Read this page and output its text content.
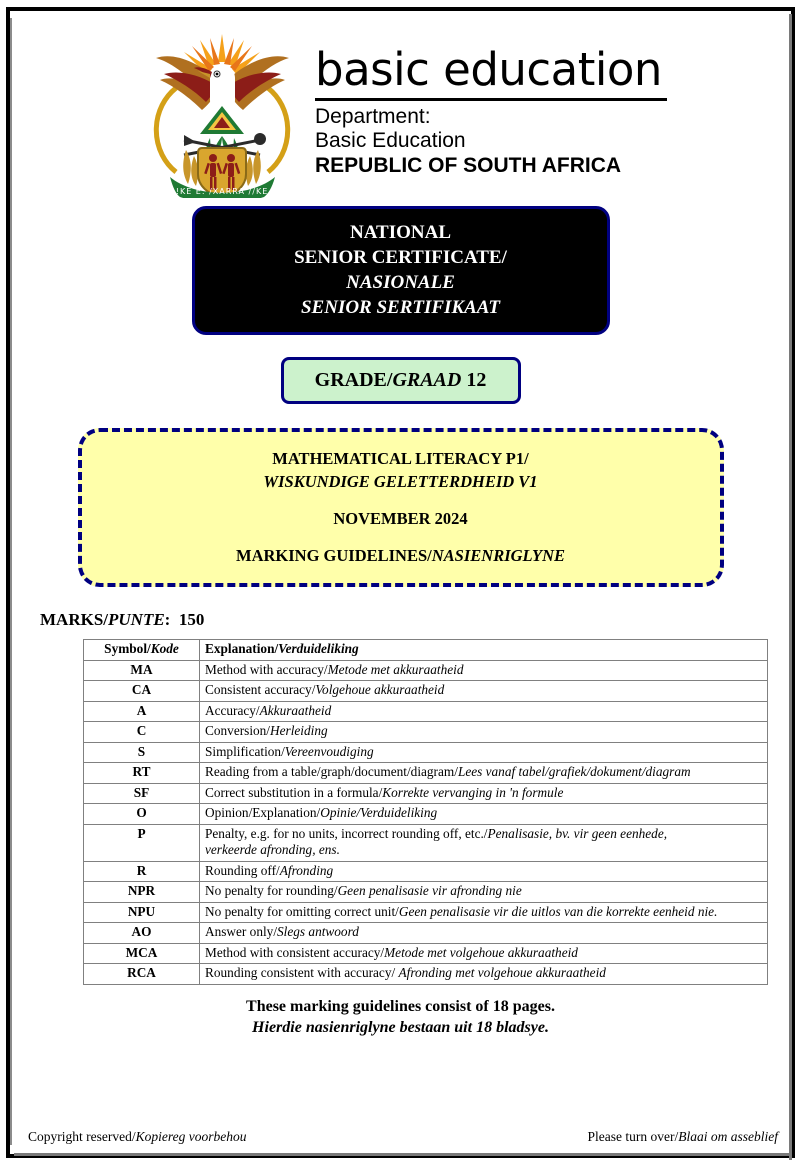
!KE E: /XARRA //KE
basic education
Department:
Basic Education
REPUBLIC OF SOUTH AFRICA
NATIONAL
SENIOR CERTIFICATE/
NASIONALE
SENIOR SERTIFIKAAT
GRADE/GRAAD 12
MATHEMATICAL LITERACY P1/
WISKUNDIGE GELETTERDHEID V1
NOVEMBER 2024
MARKING GUIDELINES/NASIENRIGLYNE
MARKS/PUNTE: 150
Symbol/Kode	Explanation/Verduideliking
MA	Method with accuracy/Metode met akkuraatheid
CA	Consistent accuracy/Volgehoue akkuraatheid
A	Accuracy/Akkuraatheid
C	Conversion/Herleiding
S	Simplification/Vereenvoudiging
RT	Reading from a table/graph/document/diagram/Lees vanaf tabel/grafiek/dokument/diagram
SF	Correct substitution in a formula/Korrekte vervanging in 'n formule
O	Opinion/Explanation/Opinie/Verduideliking
P	Penalty, e.g. for no units, incorrect rounding off, etc./Penalisasie, bv. vir geen eenhede,
verkeerde afronding, ens.
R	Rounding off/Afronding
NPR	No penalty for rounding/Geen penalisasie vir afronding nie
NPU	No penalty for omitting correct unit/Geen penalisasie vir die uitlos van die korrekte eenheid nie.
AO	Answer only/Slegs antwoord
MCA	Method with consistent accuracy/Metode met volgehoue akkuraatheid
RCA	Rounding consistent with accuracy/ Afronding met volgehoue akkuraatheid
These marking guidelines consist of 18 pages.
Hierdie nasienriglyne bestaan uit 18 bladsye.
Copyright reserved/Kopiereg voorbehou	Please turn over/Blaai om asseblief
